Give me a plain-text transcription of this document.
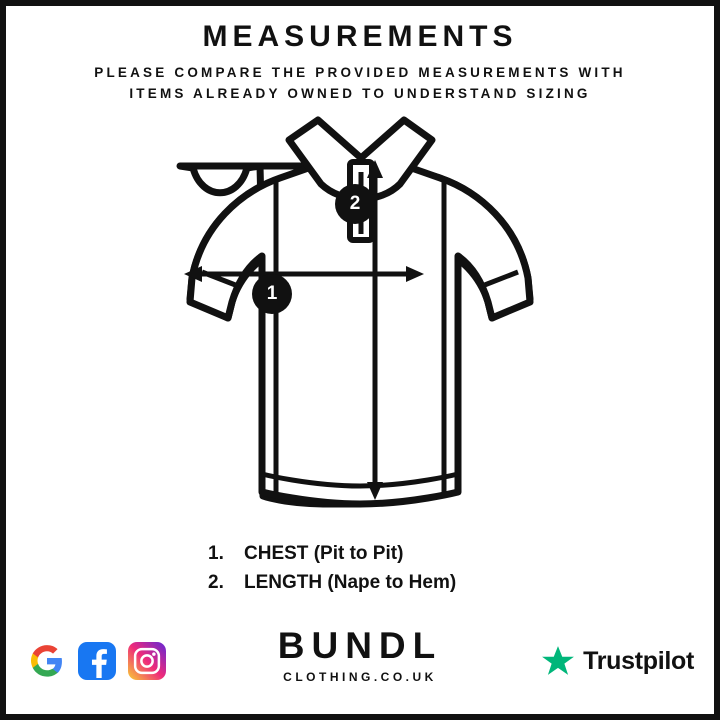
MEASUREMENTS
PLEASE COMPARE THE PROVIDED MEASUREMENTS WITH
ITEMS ALREADY OWNED TO UNDERSTAND SIZING
1
2
1.	CHEST (Pit to Pit)
2.	LENGTH (Nape to Hem)
BUNDL
CLOTHING.CO.UK
Trustpilot
